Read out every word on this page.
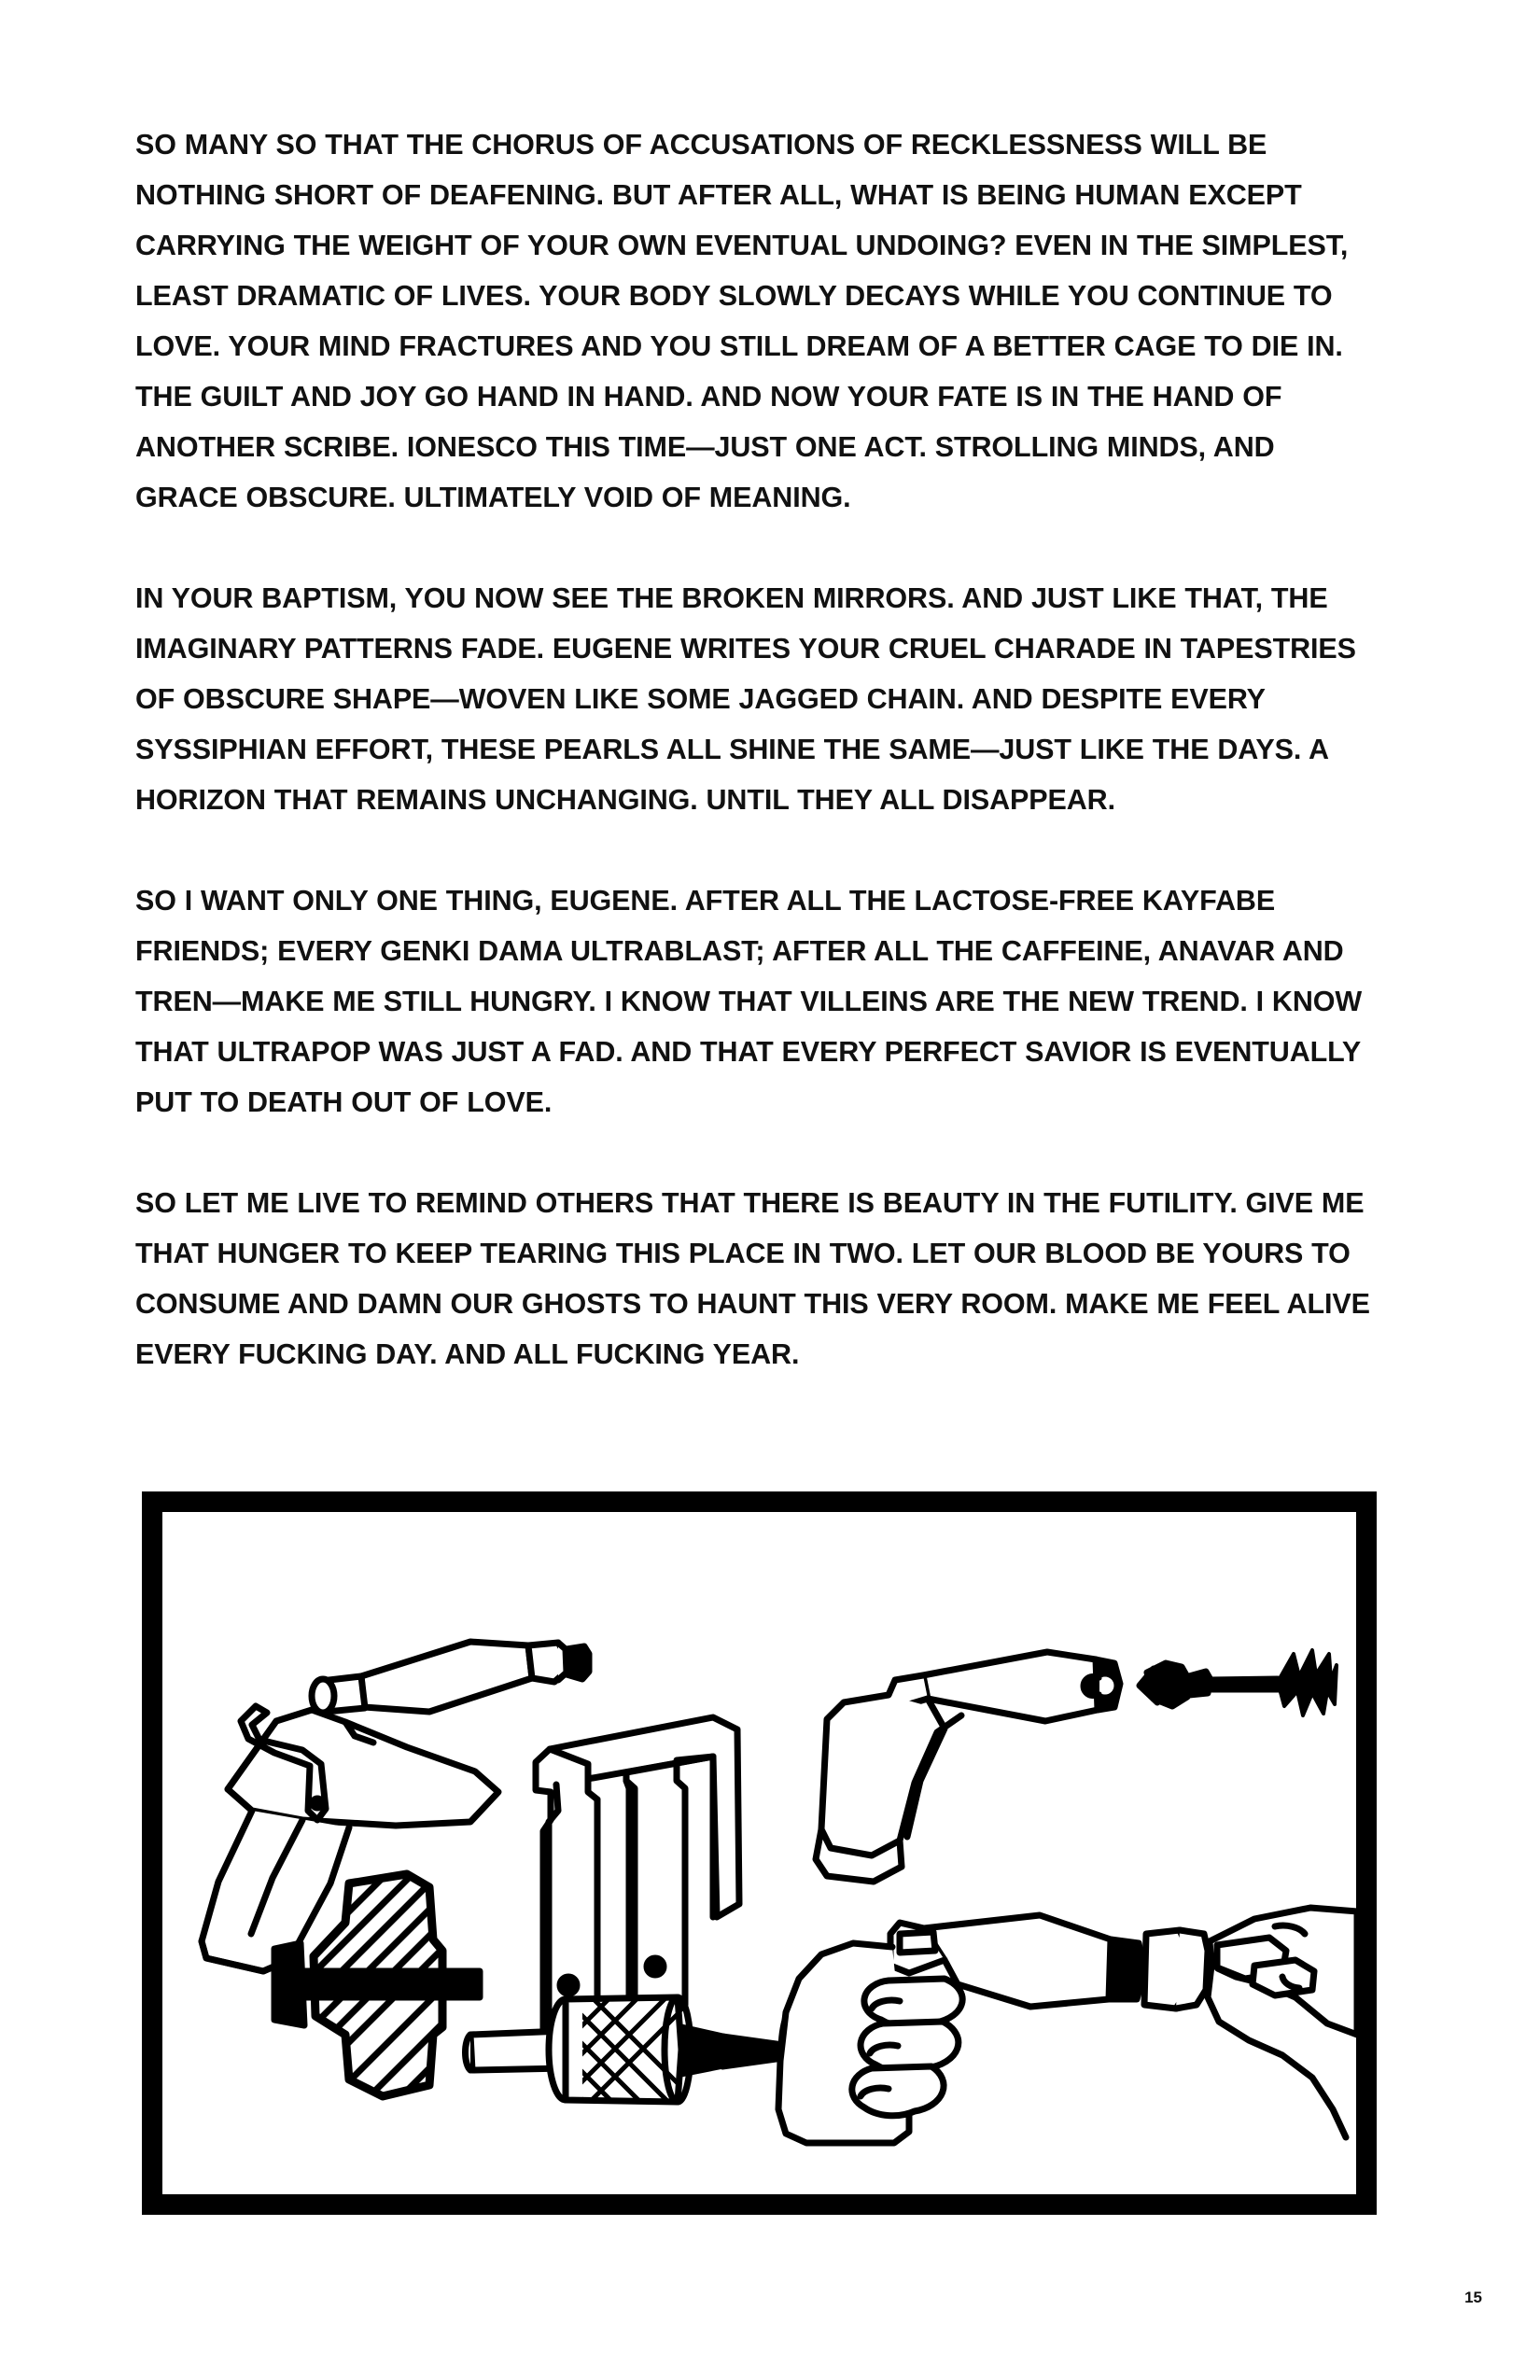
SO MANY SO THAT THE CHORUS OF ACCUSATIONS OF RECKLESSNESS WILL BE NOTHING SHORT OF DEAFENING. BUT AFTER ALL, WHAT IS BEING HUMAN EXCEPT CARRYING THE WEIGHT OF YOUR OWN EVENTUAL UNDOING? EVEN IN THE SIMPLEST, LEAST DRAMATIC OF LIVES. YOUR BODY SLOWLY DECAYS WHILE YOU CONTINUE TO LOVE. YOUR MIND FRACTURES AND YOU STILL DREAM OF A BETTER CAGE TO DIE IN. THE GUILT AND JOY GO HAND IN HAND. AND NOW YOUR FATE IS IN THE HAND OF ANOTHER SCRIBE. IONESCO THIS TIME—JUST ONE ACT. STROLLING MINDS, AND GRACE OBSCURE. ULTIMATELY VOID OF MEANING.

IN YOUR BAPTISM, YOU NOW SEE THE BROKEN MIRRORS. AND JUST LIKE THAT, THE IMAGINARY PATTERNS FADE. EUGENE WRITES YOUR CRUEL CHARADE IN TAPESTRIES OF OBSCURE SHAPE—WOVEN LIKE SOME JAGGED CHAIN. AND DESPITE EVERY SYSSIPHIAN EFFORT, THESE PEARLS ALL SHINE THE SAME—JUST LIKE THE DAYS. A HORIZON THAT REMAINS UNCHANGING. UNTIL THEY ALL DISAPPEAR.

SO I WANT ONLY ONE THING, EUGENE. AFTER ALL THE LACTOSE-FREE KAYFABE FRIENDS; EVERY GENKI DAMA ULTRABLAST; AFTER ALL THE CAFFEINE, ANAVAR AND TREN—MAKE ME STILL HUNGRY. I KNOW THAT VILLEINS ARE THE NEW TREND. I KNOW THAT ULTRAPOP WAS JUST A FAD. AND THAT EVERY PERFECT SAVIOR IS EVENTUALLY PUT TO DEATH OUT OF LOVE.

SO LET ME LIVE TO REMIND OTHERS THAT THERE IS BEAUTY IN THE FUTILITY. GIVE ME THAT HUNGER TO KEEP TEARING THIS PLACE IN TWO. LET OUR BLOOD BE YOURS TO CONSUME AND DAMN OUR GHOSTS TO HAUNT THIS VERY ROOM. MAKE ME FEEL ALIVE EVERY FUCKING DAY. AND ALL FUCKING YEAR.

15
